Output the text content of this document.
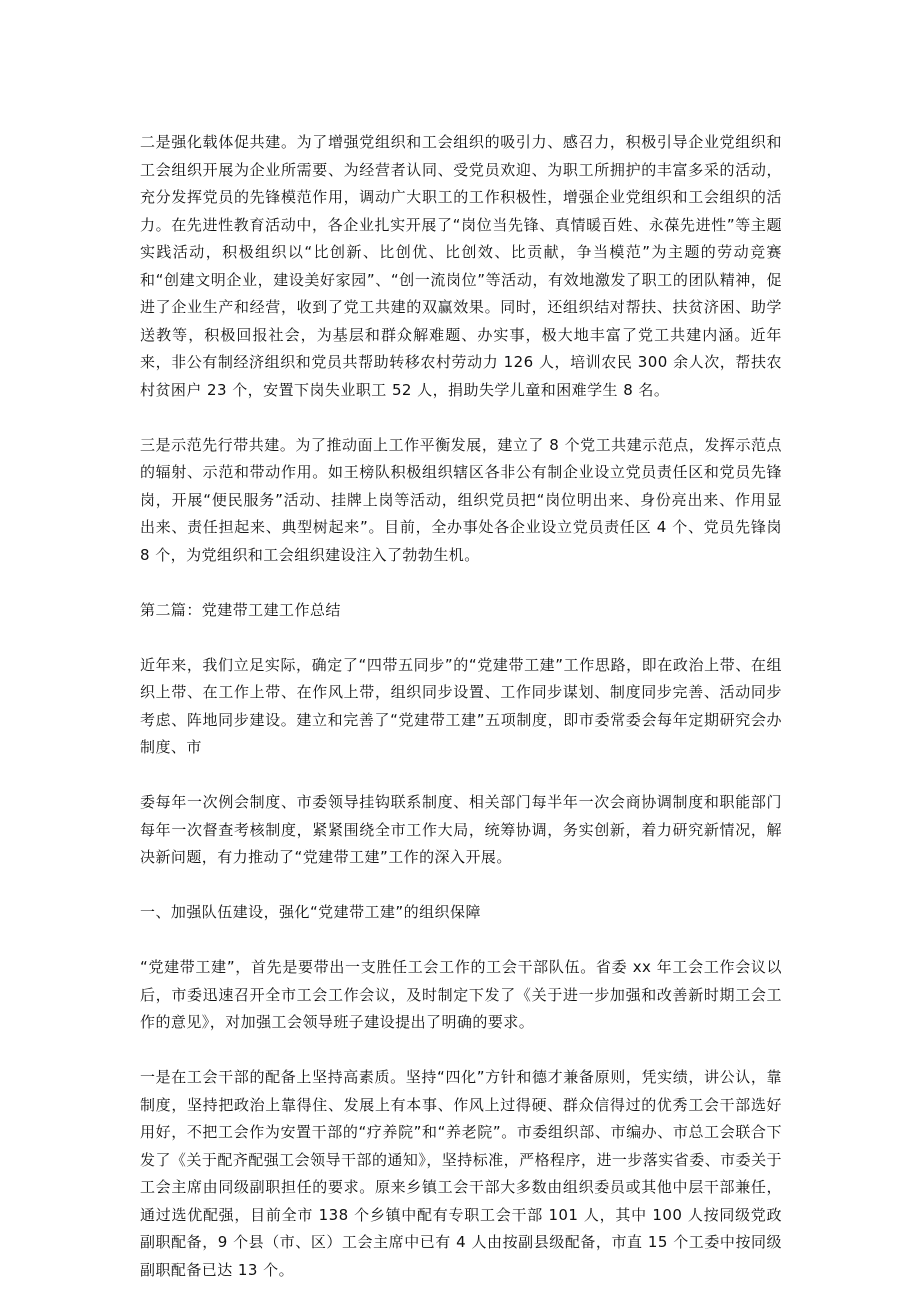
二是强化载体促共建。为了增强党组织和工会组织的吸引力、感召力，积极引导企业党组织和工会组织开展为企业所需要、为经营者认同、受党员欢迎、为职工所拥护的丰富多采的活动，充分发挥党员的先锋模范作用，调动广大职工的工作积极性，增强企业党组织和工会组织的活力。在先进性教育活动中，各企业扎实开展了“岗位当先锋、真情暖百姓、永葆先进性”等主题实践活动，积极组织以“比创新、比创优、比创效、比贡献，争当模范”为主题的劳动竞赛和“创建文明企业，建设美好家园”、“创一流岗位”等活动，有效地激发了职工的团队精神，促进了企业生产和经营，收到了党工共建的双赢效果。同时，还组织结对帮扶、扶贫济困、助学送教等，积极回报社会，为基层和群众解难题、办实事，极大地丰富了党工共建内涵。近年来，非公有制经济组织和党员共帮助转移农村劳动力 126 人，培训农民 300 余人次，帮扶农村贫困户 23 个，安置下岗失业职工 52 人，捐助失学儿童和困难学生 8 名。

三是示范先行带共建。为了推动面上工作平衡发展，建立了 8 个党工共建示范点，发挥示范点的辐射、示范和带动作用。如王榜队积极组织辖区各非公有制企业设立党员责任区和党员先锋岗，开展“便民服务”活动、挂牌上岗等活动，组织党员把“岗位明出来、身份亮出来、作用显出来、责任担起来、典型树起来”。目前，全办事处各企业设立党员责任区 4 个、党员先锋岗 8 个，为党组织和工会组织建设注入了勃勃生机。

第二篇：党建带工建工作总结

近年来，我们立足实际，确定了“四带五同步”的“党建带工建”工作思路，即在政治上带、在组织上带、在工作上带、在作风上带，组织同步设置、工作同步谋划、制度同步完善、活动同步考虑、阵地同步建设。建立和完善了“党建带工建”五项制度，即市委常委会每年定期研究会办制度、市

委每年一次例会制度、市委领导挂钩联系制度、相关部门每半年一次会商协调制度和职能部门每年一次督查考核制度，紧紧围绕全市工作大局，统筹协调，务实创新，着力研究新情况，解决新问题，有力推动了“党建带工建”工作的深入开展。

一、加强队伍建设，强化“党建带工建”的组织保障

“党建带工建”，首先是要带出一支胜任工会工作的工会干部队伍。省委 xx 年工会工作会议以后，市委迅速召开全市工会工作会议，及时制定下发了《关于进一步加强和改善新时期工会工作的意见》，对加强工会领导班子建设提出了明确的要求。

一是在工会干部的配备上坚持高素质。坚持“四化”方针和德才兼备原则，凭实绩，讲公认，靠制度，坚持把政治上靠得住、发展上有本事、作风上过得硬、群众信得过的优秀工会干部选好用好，不把工会作为安置干部的“疗养院”和“养老院”。市委组织部、市编办、市总工会联合下发了《关于配齐配强工会领导干部的通知》，坚持标准，严格程序，进一步落实省委、市委关于工会主席由同级副职担任的要求。原来乡镇工会干部大多数由组织委员或其他中层干部兼任，通过选优配强，目前全市 138 个乡镇中配有专职工会干部 101 人，其中 100 人按同级党政副职配备，9 个县（市、区）工会主席中已有 4 人由按副县级配备，市直 15 个工委中按同级副职配备已达 13 个。
